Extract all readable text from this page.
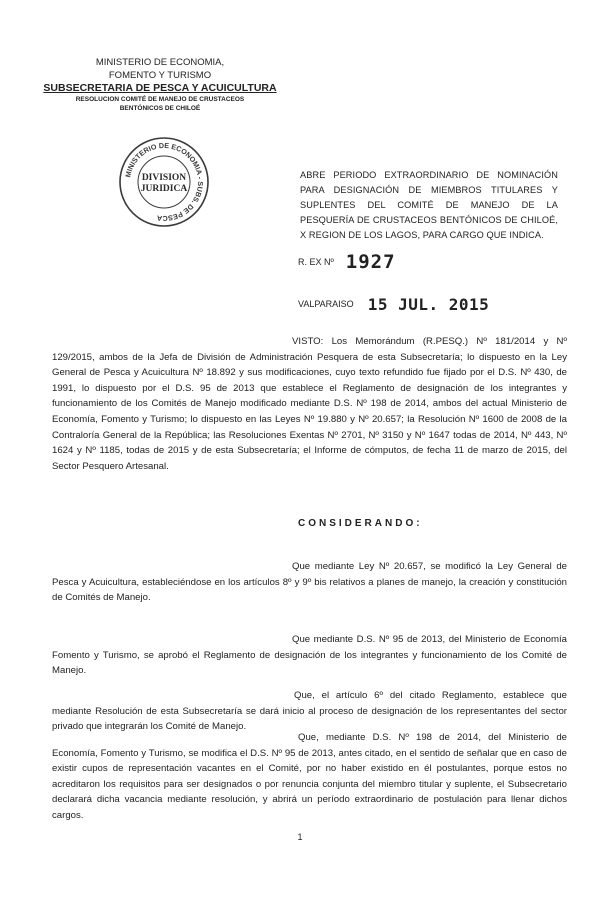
MINISTERIO DE ECONOMIA,
FOMENTO Y TURISMO
SUBSECRETARIA DE PESCA Y ACUICULTURA
RESOLUCION COMITÉ DE MANEJO DE CRUSTACEOS
BENTÓNICOS DE CHILOÉ
MINISTERIO DE ECONOMIA - SUBS. DE PESCA
DIVISION
JURIDICA
ABRE PERIODO EXTRAORDINARIO DE NOMINACIÓN PARA DESIGNACIÓN DE MIEMBROS TITULARES Y SUPLENTES DEL COMITÉ DE MANEJO DE LA PESQUERÍA DE CRUSTACEOS BENTÓNICOS DE CHILOÉ, X REGION DE LOS LAGOS, PARA CARGO QUE INDICA.
R. EX Nº 1927
VALPARAISO 15 JUL. 2015
VISTO: Los Memorándum (R.PESQ.) Nº 181/2014 y Nº 129/2015, ambos de la Jefa de División de Administración Pesquera de esta Subsecretaría; lo dispuesto en la Ley General de Pesca y Acuicultura Nº 18.892 y sus modificaciones, cuyo texto refundido fue fijado por el D.S. Nº 430, de 1991, lo dispuesto por el D.S. 95 de 2013 que establece el Reglamento de designación de los integrantes y funcionamiento de los Comités de Manejo modificado mediante D.S. Nº 198 de 2014, ambos del actual Ministerio de Economía, Fomento y Turismo; lo dispuesto en las Leyes Nº 19.880 y Nº 20.657; la Resolución Nº 1600 de 2008 de la Contraloría General de la República; las Resoluciones Exentas Nº 2701, Nº 3150 y Nº 1647 todas de 2014, Nº 443, Nº 1624 y Nº 1185, todas de 2015 y de esta Subsecretaría; el Informe de cómputos, de fecha 11 de marzo de 2015, del Sector Pesquero Artesanal.
CONSIDERANDO:
Que mediante Ley Nº 20.657, se modificó la Ley General de Pesca y Acuicultura, estableciéndose en los artículos 8º y 9º bis relativos a planes de manejo, la creación y constitución de Comités de Manejo.
Que mediante D.S. Nº 95 de 2013, del Ministerio de Economía Fomento y Turismo, se aprobó el Reglamento de designación de los integrantes y funcionamiento de los Comité de Manejo.
Que, el artículo 6º del citado Reglamento, establece que mediante Resolución de esta Subsecretaría se dará inicio al proceso de designación de los representantes del sector privado que integrarán los Comité de Manejo.
Que, mediante D.S. Nº 198 de 2014, del Ministerio de Economía, Fomento y Turismo, se modifica el D.S. Nº 95 de 2013, antes citado, en el sentido de señalar que en caso de existir cupos de representación vacantes en el Comité, por no haber existido en él postulantes, porque estos no acreditaron los requisitos para ser designados o por renuncia conjunta del miembro titular y suplente, el Subsecretario declarará dicha vacancia mediante resolución, y abrirá un período extraordinario de postulación para llenar dichos cargos.
1
